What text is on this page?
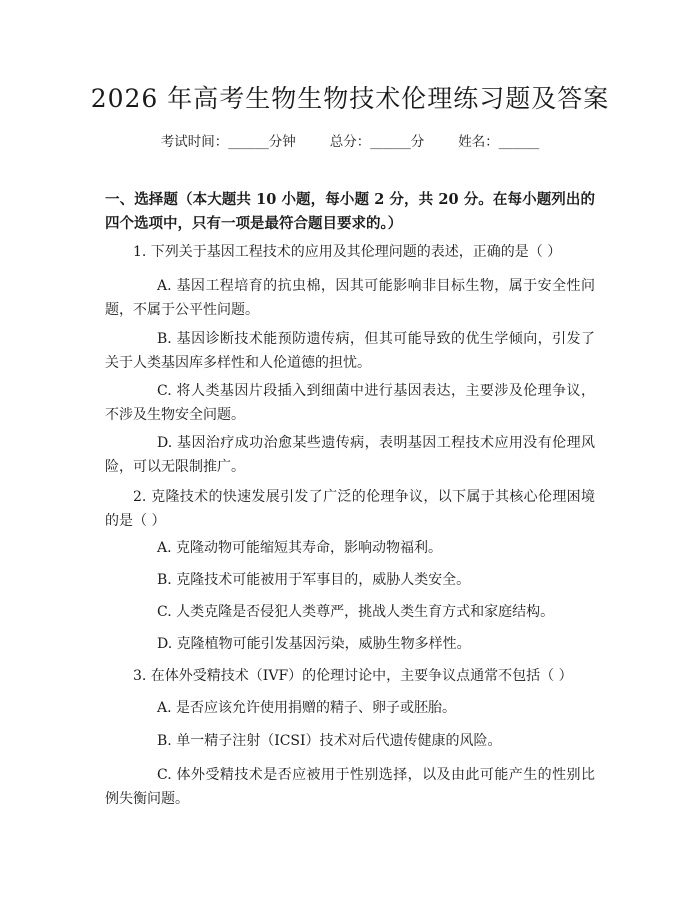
2026 年高考生物生物技术伦理练习题及答案
考试时间：______分钟	总分：______分	姓名：______
一、选择题（本大题共 10 小题，每小题 2 分，共 20 分。在每小题列出的四个选项中，只有一项是最符合题目要求的。）
1. 下列关于基因工程技术的应用及其伦理问题的表述，正确的是（ ）
A. 基因工程培育的抗虫棉，因其可能影响非目标生物，属于安全性问题，不属于公平性问题。
B. 基因诊断技术能预防遗传病，但其可能导致的优生学倾向，引发了关于人类基因库多样性和人伦道德的担忧。
C. 将人类基因片段插入到细菌中进行基因表达，主要涉及伦理争议，不涉及生物安全问题。
D. 基因治疗成功治愈某些遗传病，表明基因工程技术应用没有伦理风险，可以无限制推广。
2. 克隆技术的快速发展引发了广泛的伦理争议，以下属于其核心伦理困境的是（ ）
A. 克隆动物可能缩短其寿命，影响动物福利。
B. 克隆技术可能被用于军事目的，威胁人类安全。
C. 人类克隆是否侵犯人类尊严，挑战人类生育方式和家庭结构。
D. 克隆植物可能引发基因污染，威胁生物多样性。
3. 在体外受精技术（IVF）的伦理讨论中，主要争议点通常不包括（ ）
A. 是否应该允许使用捐赠的精子、卵子或胚胎。
B. 单一精子注射（ICSI）技术对后代遗传健康的风险。
C. 体外受精技术是否应被用于性别选择，以及由此可能产生的性别比例失衡问题。
